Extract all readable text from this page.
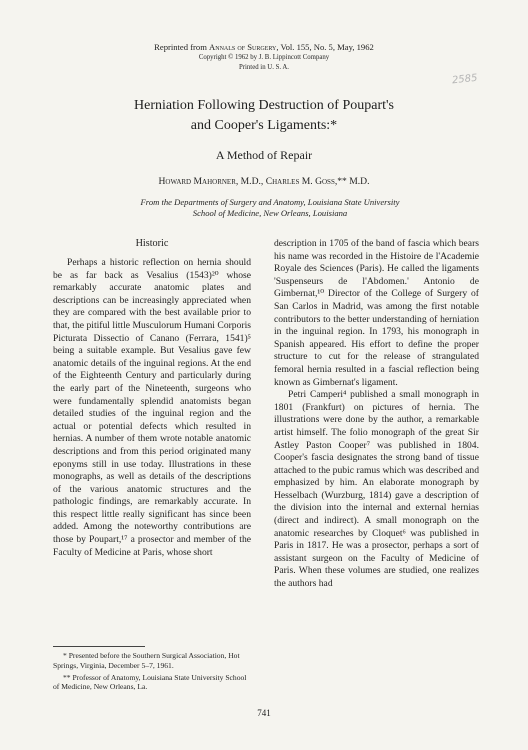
Reprinted from Annals of Surgery, Vol. 155, No. 5, May, 1962
Copyright © 1962 by J. B. Lippincott Company
Printed in U. S. A.
2585
Herniation Following Destruction of Poupart's
and Cooper's Ligaments:*
A Method of Repair
Howard Mahorner, M.D., Charles M. Goss,** M.D.
From the Departments of Surgery and Anatomy, Louisiana State University
School of Medicine, New Orleans, Louisiana
Historic

Perhaps a historic reflection on hernia should be as far back as Vesalius (1543)²⁰ whose remarkably accurate anatomic plates and descriptions can be increasingly appreciated when they are compared with the best available prior to that, the pitiful little Musculorum Humani Corporis Picturata Dissectio of Canano (Ferrara, 1541)⁵ being a suitable example. But Vesalius gave few anatomic details of the inguinal regions. At the end of the Eighteenth Century and particularly during the early part of the Nineteenth, surgeons who were fundamentally splendid anatomists began detailed studies of the inguinal region and the actual or potential defects which resulted in hernias. A number of them wrote notable anatomic descriptions and from this period originated many eponyms still in use today. Illustrations in these monographs, as well as details of the descriptions of the various anatomic structures and the pathologic findings, are remarkably accurate. In this respect little really significant has since been added. Among the noteworthy contributions are those by Poupart,¹⁷ a prosector and member of the Faculty of Medicine at Paris, whose short

description in 1705 of the band of fascia which bears his name was recorded in the Histoire de l'Academie Royale des Sciences (Paris). He called the ligaments 'Suspenseurs de l'Abdomen.' Antonio de Gimbernat,¹⁰ Director of the College of Surgery of San Carlos in Madrid, was among the first notable contributors to the better understanding of herniation in the inguinal region. In 1793, his monograph in Spanish appeared. His effort to define the proper structure to cut for the release of strangulated femoral hernia resulted in a fascial reflection being known as Gimbernat's ligament.

Petri Camperi⁴ published a small monograph in 1801 (Frankfurt) on pictures of hernia. The illustrations were done by the author, a remarkable artist himself. The folio monograph of the great Sir Astley Paston Cooper⁷ was published in 1804. Cooper's fascia designates the strong band of tissue attached to the pubic ramus which was described and emphasized by him. An elaborate monograph by Hesselbach (Wurzburg, 1814) gave a description of the division into the internal and external hernias (direct and indirect). A small monograph on the anatomic researches by Cloquet⁶ was published in Paris in 1817. He was a prosector, perhaps a sort of assistant surgeon on the Faculty of Medicine of Paris. When these volumes are studied, one realizes the authors had

* Presented before the Southern Surgical Association, Hot Springs, Virginia, December 5–7, 1961.

** Professor of Anatomy, Louisiana State University School of Medicine, New Orleans, La.

741
